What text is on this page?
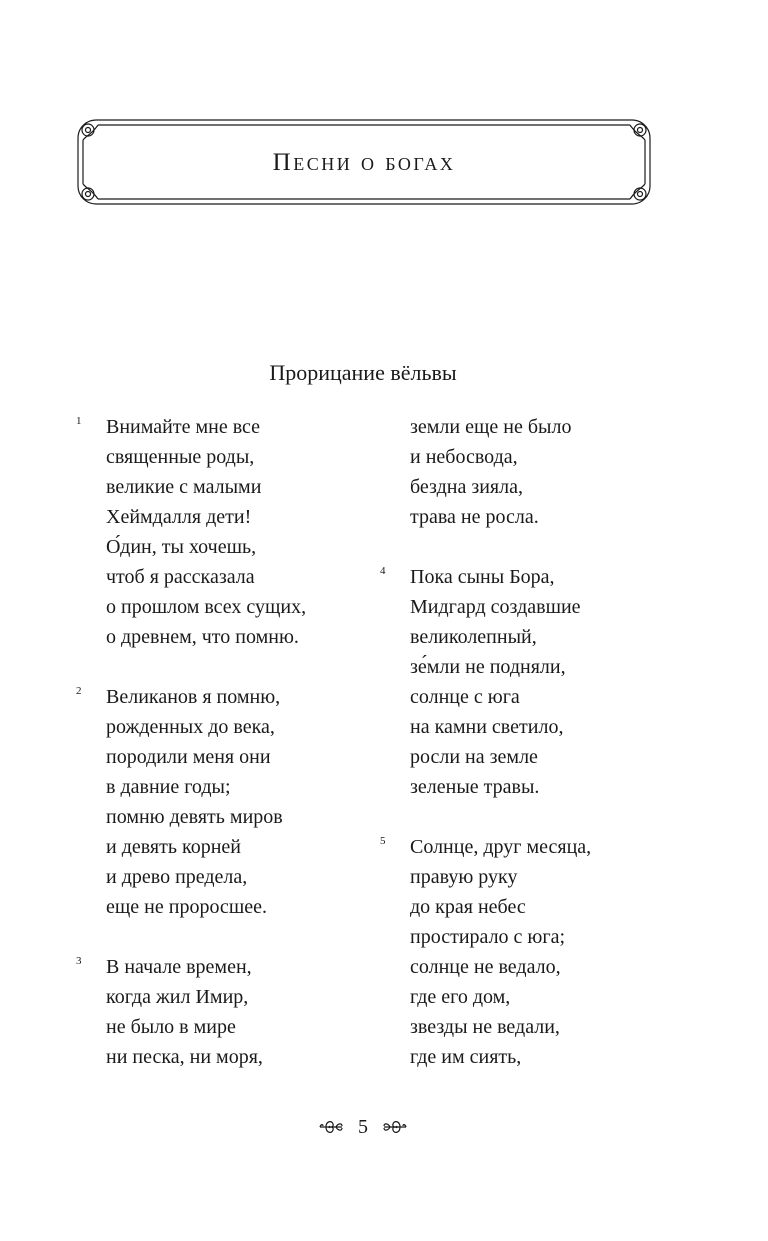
Песни о богах
Прорицание вёльвы
1 Внимайте мне все
священные роды,
великие с малыми
Хеймдалля дети!
О́дин, ты хочешь,
чтоб я рассказала
о прошлом всех сущих,
о древнем, что помню.
2 Великанов я помню,
рожденных до века,
породили меня они
в давние годы;
помню девять миров
и девять корней
и древо предела,
еще не проросшее.
3 В начале времен,
когда жил Имир,
не было в мире
ни песка, ни моря,
земли еще не было
и небосвода,
бездна зияла,
трава не росла.
4 Пока сыны Бора,
Мидгард создавшие
великолепный,
зе́мли не подняли,
солнце с юга
на камни светило,
росли на земле
зеленые травы.
5 Солнце, друг месяца,
правую руку
до края небес
простирало с юга;
солнце не ведало,
где его дом,
звезды не ведали,
где им сиять,
5
